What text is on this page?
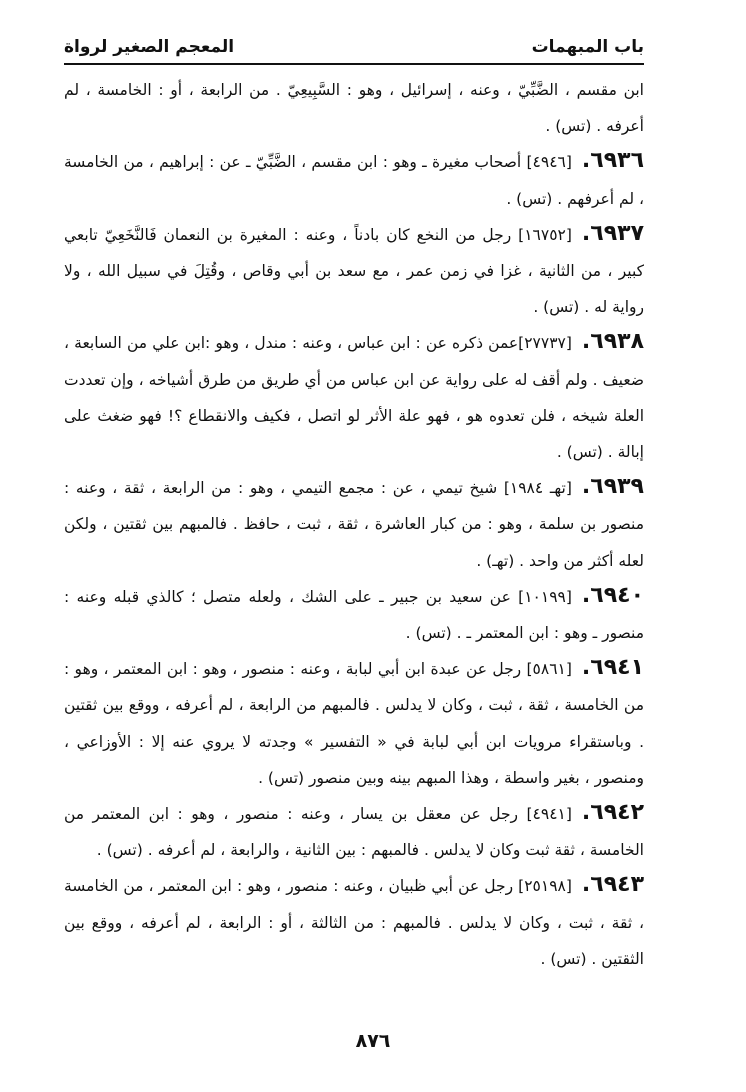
باب المبهمات
المعجم الصغير لرواة

ابن مقسم ، الضَّبِّيّ ، وعنه ، إسرائيل ، وهو : السَّبِيعِيّ . من الرابعة ، أو : الخامسة ، لم أعرفه . (تس) .

٦٩٣٦.[٤٩٤٦] أصحاب مغيرة ـ وهو : ابن مقسم ، الضَّبِّيّ ـ عن : إبراهيم ، من الخامسة ، لم أعرفهم . (تس) .

٦٩٣٧.[١٦٧٥٢] رجل من النخع كان بادناً ، وعنه : المغيرة بن النعمان فَالنَّخَعِيّ تابعي كبير ، من الثانية ، غزا في زمن عمر ، مع سعد بن أبي وقاص ، وقُتِلَ في سبيل الله ، ولا رواية له . (تس) .

٦٩٣٨.[٢٧٧٣٧]عمن ذكره عن : ابن عباس ، وعنه : مندل ، وهو :ابن علي من السابعة ، ضعيف . ولم أقف له على رواية عن ابن عباس من أي طريق من طرق أشياخه ، وإن تعددت العلة شيخه ، فلن تعدوه هو ، فهو علة الأثر لو اتصل ، فكيف والانقطاع ؟! فهو ضغث على إبالة . (تس) .

٦٩٣٩.[تهـ ١٩٨٤] شيخ تيمي ، عن : مجمع التيمي ، وهو : من الرابعة ، ثقة ، وعنه : منصور بن سلمة ، وهو : من كبار العاشرة ، ثقة ، ثبت ، حافظ . فالمبهم بين ثقتين ، ولكن لعله أكثر من واحد . (تهـ) .

٦٩٤٠.[١٠١٩٩] عن سعيد بن جبير ـ على الشك ، ولعله متصل ؛ كالذي قبله وعنه : منصور ـ وهو : ابن المعتمر ـ . (تس) .

٦٩٤١.[٥٨٦١] رجل عن عبدة ابن أبي لبابة ، وعنه : منصور ، وهو : ابن المعتمر ، وهو : من الخامسة ، ثقة ، ثبت ، وكان لا يدلس . فالمبهم من الرابعة ، لم أعرفه ، ووقع بين ثقتين . وباستقراء مرويات ابن أبي لبابة في « التفسير » وجدته لا يروي عنه إلا : الأوزاعي ، ومنصور ، بغير واسطة ، وهذا المبهم بينه وبين منصور (تس) .

٦٩٤٢.[٤٩٤١] رجل عن معقل بن يسار ، وعنه : منصور ، وهو : ابن المعتمر من الخامسة ، ثقة ثبت وكان لا يدلس . فالمبهم : بين الثانية ، والرابعة ، لم أعرفه . (تس) .

٦٩٤٣.[٢٥١٩٨] رجل عن أبي ظبيان ، وعنه : منصور ، وهو : ابن المعتمر ، من الخامسة ، ثقة ، ثبت ، وكان لا يدلس . فالمبهم : من الثالثة ، أو : الرابعة ، لم أعرفه ، ووقع بين الثقتين . (تس) .

٨٧٦
